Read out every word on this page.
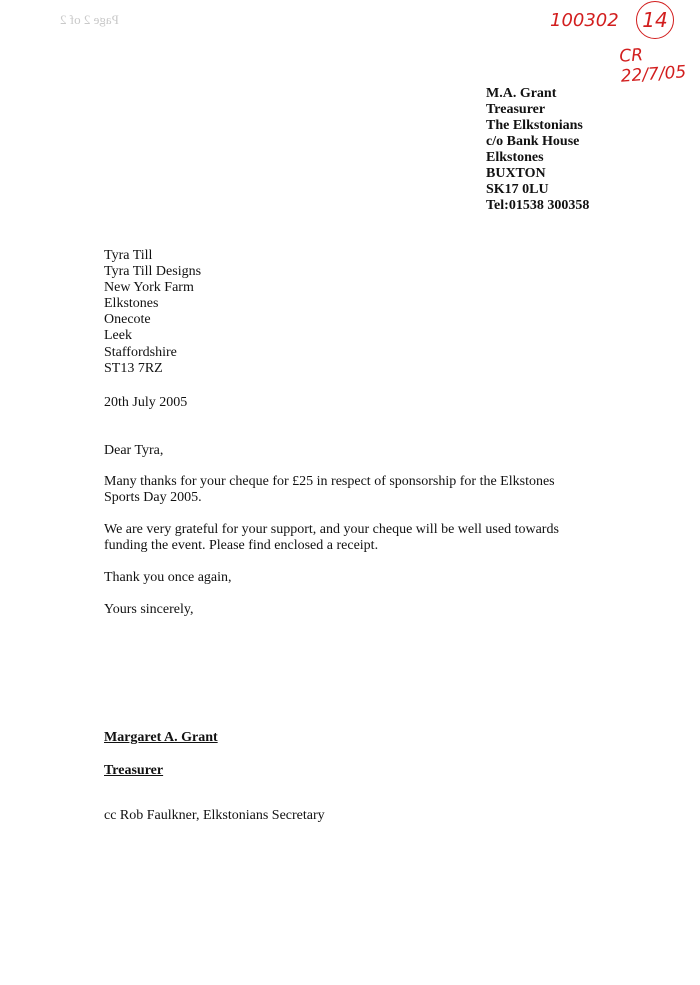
Page 2 of 2	100302	14
CR 22/7/05
M.A. Grant
Treasurer
The Elkstonians
c/o Bank House
Elkstones
BUXTON
SK17 0LU
Tel:01538 300358
Tyra Till
Tyra Till Designs
New York Farm
Elkstones
Onecote
Leek
Staffordshire
ST13 7RZ
20th July 2005
Dear Tyra,
Many thanks for your cheque for £25 in respect of sponsorship for the Elkstones Sports Day 2005.
We are very grateful for your support, and your cheque will be well used towards funding the event. Please find enclosed a receipt.
Thank you once again,
Yours sincerely,
Margaret A. Grant
Treasurer
cc Rob Faulkner, Elkstonians Secretary
